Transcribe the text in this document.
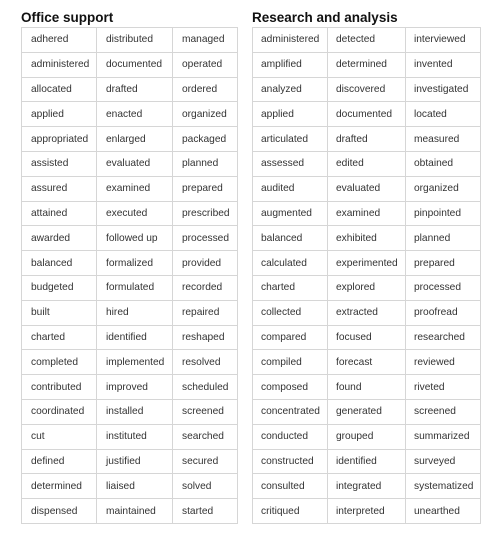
Office support
adhered	distributed	managed
administered	documented	operated
allocated	drafted	ordered
applied	enacted	organized
appropriated	enlarged	packaged
assisted	evaluated	planned
assured	examined	prepared
attained	executed	prescribed
awarded	followed up	processed
balanced	formalized	provided
budgeted	formulated	recorded
built	hired	repaired
charted	identified	reshaped
completed	implemented	resolved
contributed	improved	scheduled
coordinated	installed	screened
cut	instituted	searched
defined	justified	secured
determined	liaised	solved
dispensed	maintained	started
Research and analysis
administered	detected	interviewed
amplified	determined	invented
analyzed	discovered	investigated
applied	documented	located
articulated	drafted	measured
assessed	edited	obtained
audited	evaluated	organized
augmented	examined	pinpointed
balanced	exhibited	planned
calculated	experimented	prepared
charted	explored	processed
collected	extracted	proofread
compared	focused	researched
compiled	forecast	reviewed
composed	found	riveted
concentrated	generated	screened
conducted	grouped	summarized
constructed	identified	surveyed
consulted	integrated	systematized
critiqued	interpreted	unearthed
